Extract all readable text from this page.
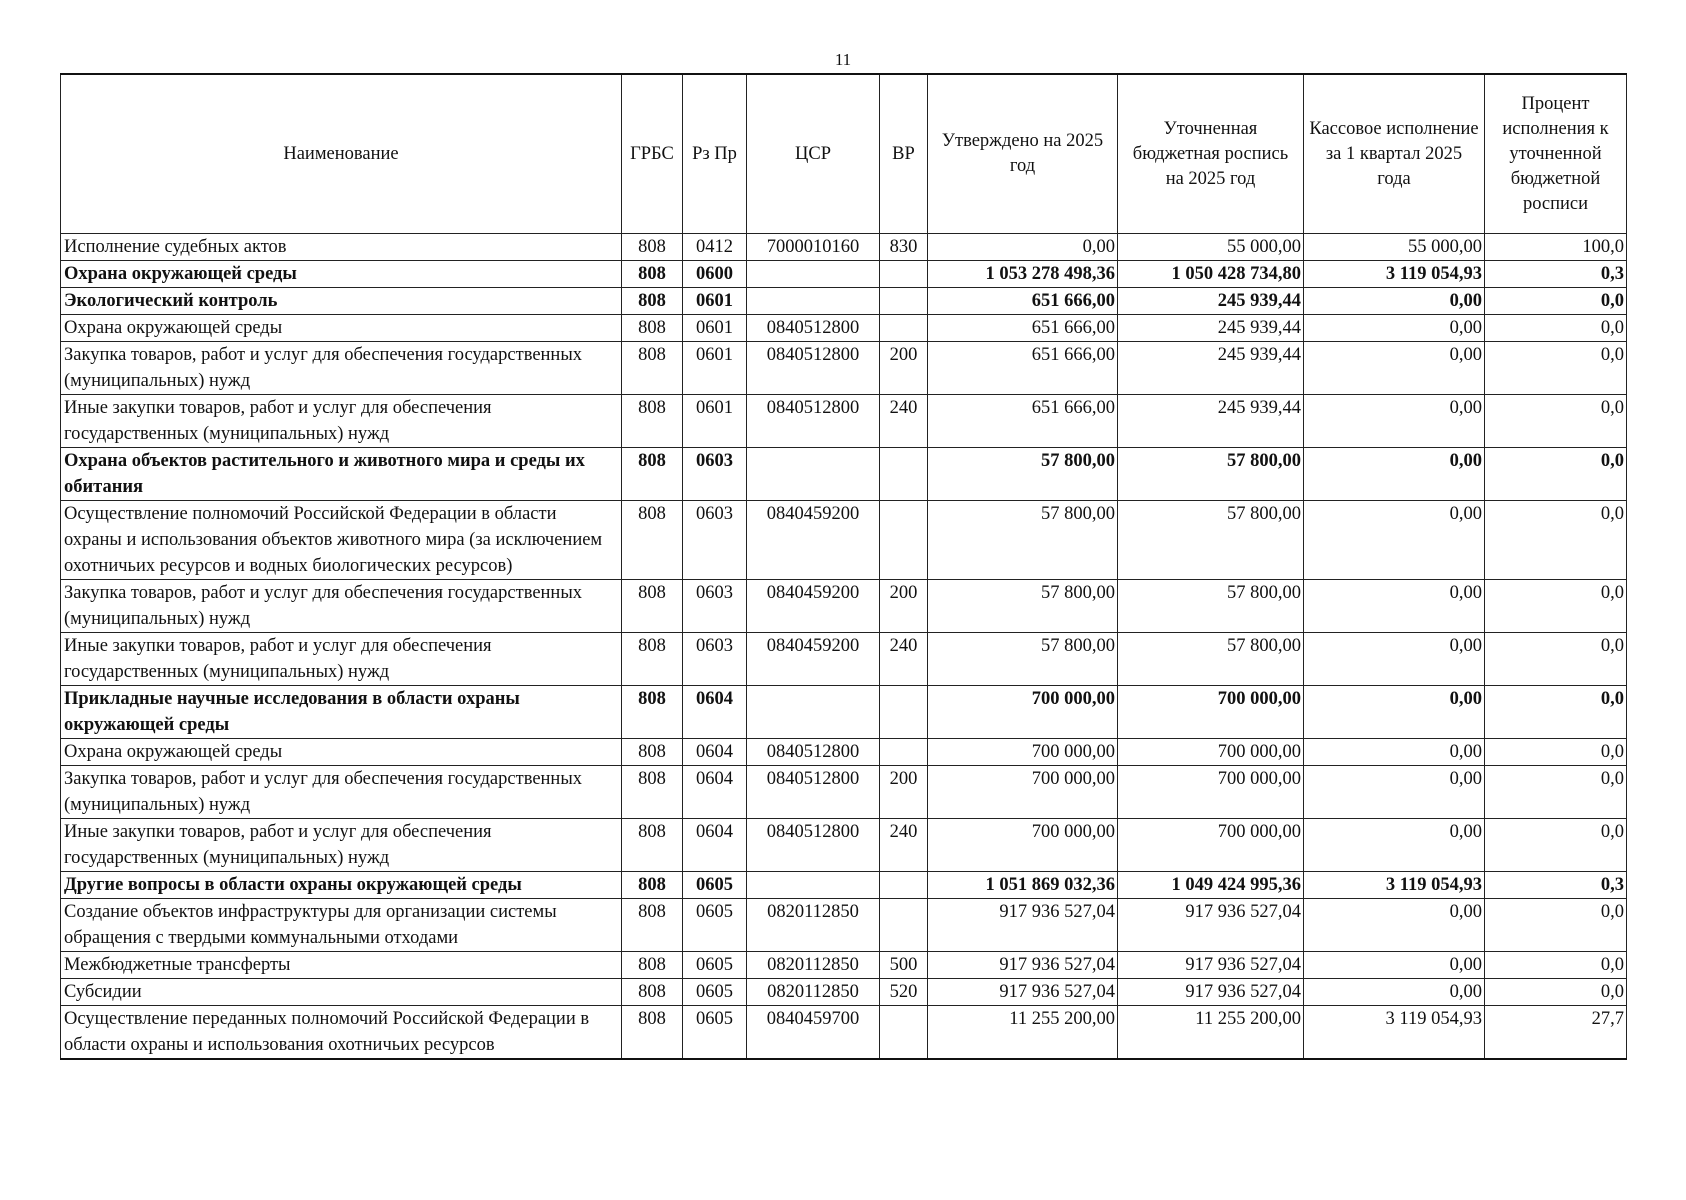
11
Наименование	ГРБС	Рз Пр	ЦСР	ВР	Утверждено на 2025 год	Уточненная бюджетная роспись на 2025 год	Кассовое исполнение за 1 квартал 2025 года	Процент исполнения к уточненной бюджетной росписи
Исполнение судебных актов	808	0412	7000010160	830	0,00	55 000,00	55 000,00	100,0
Охрана окружающей среды	808	0600			1 053 278 498,36	1 050 428 734,80	3 119 054,93	0,3
Экологический контроль	808	0601			651 666,00	245 939,44	0,00	0,0
Охрана окружающей среды	808	0601	0840512800		651 666,00	245 939,44	0,00	0,0
Закупка товаров, работ и услуг для обеспечения государственных (муниципальных) нужд	808	0601	0840512800	200	651 666,00	245 939,44	0,00	0,0
Иные закупки товаров, работ и услуг для обеспечения государственных (муниципальных) нужд	808	0601	0840512800	240	651 666,00	245 939,44	0,00	0,0
Охрана объектов растительного и животного мира и среды их обитания	808	0603			57 800,00	57 800,00	0,00	0,0
Осуществление полномочий Российской Федерации в области охраны и использования объектов животного мира (за исключением охотничьих ресурсов и водных биологических ресурсов)	808	0603	0840459200		57 800,00	57 800,00	0,00	0,0
Закупка товаров, работ и услуг для обеспечения государственных (муниципальных) нужд	808	0603	0840459200	200	57 800,00	57 800,00	0,00	0,0
Иные закупки товаров, работ и услуг для обеспечения государственных (муниципальных) нужд	808	0603	0840459200	240	57 800,00	57 800,00	0,00	0,0
Прикладные научные исследования в области охраны окружающей среды	808	0604			700 000,00	700 000,00	0,00	0,0
Охрана окружающей среды	808	0604	0840512800		700 000,00	700 000,00	0,00	0,0
Закупка товаров, работ и услуг для обеспечения государственных (муниципальных) нужд	808	0604	0840512800	200	700 000,00	700 000,00	0,00	0,0
Иные закупки товаров, работ и услуг для обеспечения государственных (муниципальных) нужд	808	0604	0840512800	240	700 000,00	700 000,00	0,00	0,0
Другие вопросы в области охраны окружающей среды	808	0605			1 051 869 032,36	1 049 424 995,36	3 119 054,93	0,3
Создание объектов инфраструктуры для организации системы обращения с твердыми коммунальными отходами	808	0605	0820112850		917 936 527,04	917 936 527,04	0,00	0,0
Межбюджетные трансферты	808	0605	0820112850	500	917 936 527,04	917 936 527,04	0,00	0,0
Субсидии	808	0605	0820112850	520	917 936 527,04	917 936 527,04	0,00	0,0
Осуществление переданных полномочий Российской Федерации в области охраны и использования охотничьих ресурсов	808	0605	0840459700		11 255 200,00	11 255 200,00	3 119 054,93	27,7
